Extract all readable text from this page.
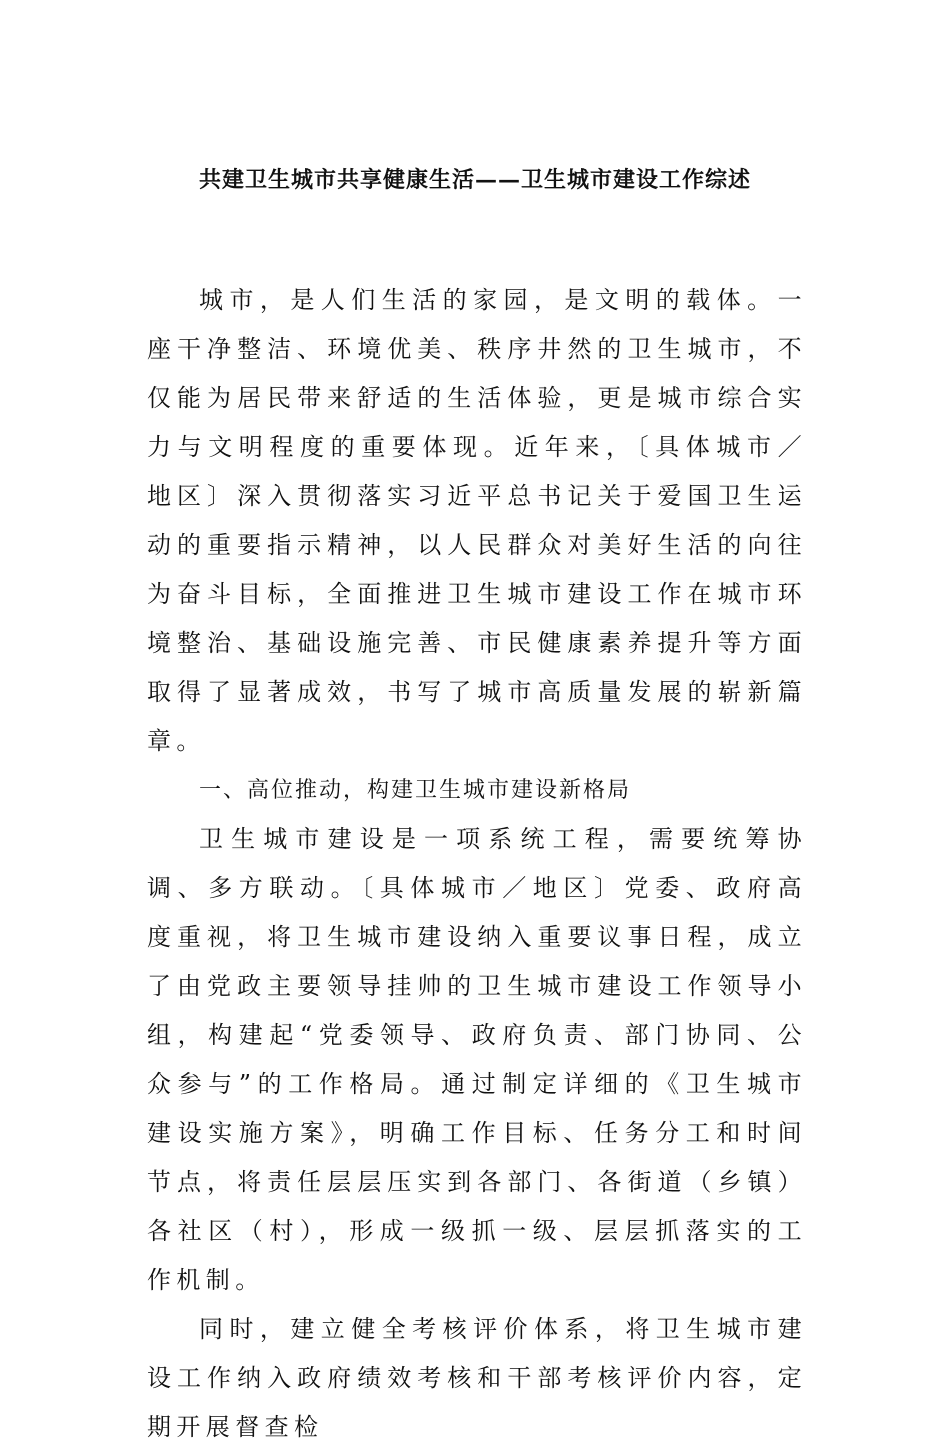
共建卫生城市共享健康生活——卫生城市建设工作综述

城市，是人们生活的家园，是文明的载体。一座干净整洁、环境优美、秩序井然的卫生城市，不仅能为居民带来舒适的生活体验，更是城市综合实力与文明程度的重要体现。近年来，〔具体城市／地区〕深入贯彻落实习近平总书记关于爱国卫生运动的重要指示精神，以人民群众对美好生活的向往为奋斗目标，全面推进卫生城市建设工作在城市环境整治、基础设施完善、市民健康素养提升等方面取得了显著成效，书写了城市高质量发展的崭新篇章。

一、高位推动，构建卫生城市建设新格局

卫生城市建设是一项系统工程，需要统筹协调、多方联动。〔具体城市／地区〕党委、政府高度重视，将卫生城市建设纳入重要议事日程，成立了由党政主要领导挂帅的卫生城市建设工作领导小组，构建起“党委领导、政府负责、部门协同、公众参与”的工作格局。通过制定详细的《卫生城市建设实施方案》，明确工作目标、任务分工和时间节点，将责任层层压实到各部门、各街道（乡镇）各社区（村），形成一级抓一级、层层抓落实的工作机制。

同时，建立健全考核评价体系，将卫生城市建设工作纳入政府绩效考核和干部考核评价内容，定期开展督查检
